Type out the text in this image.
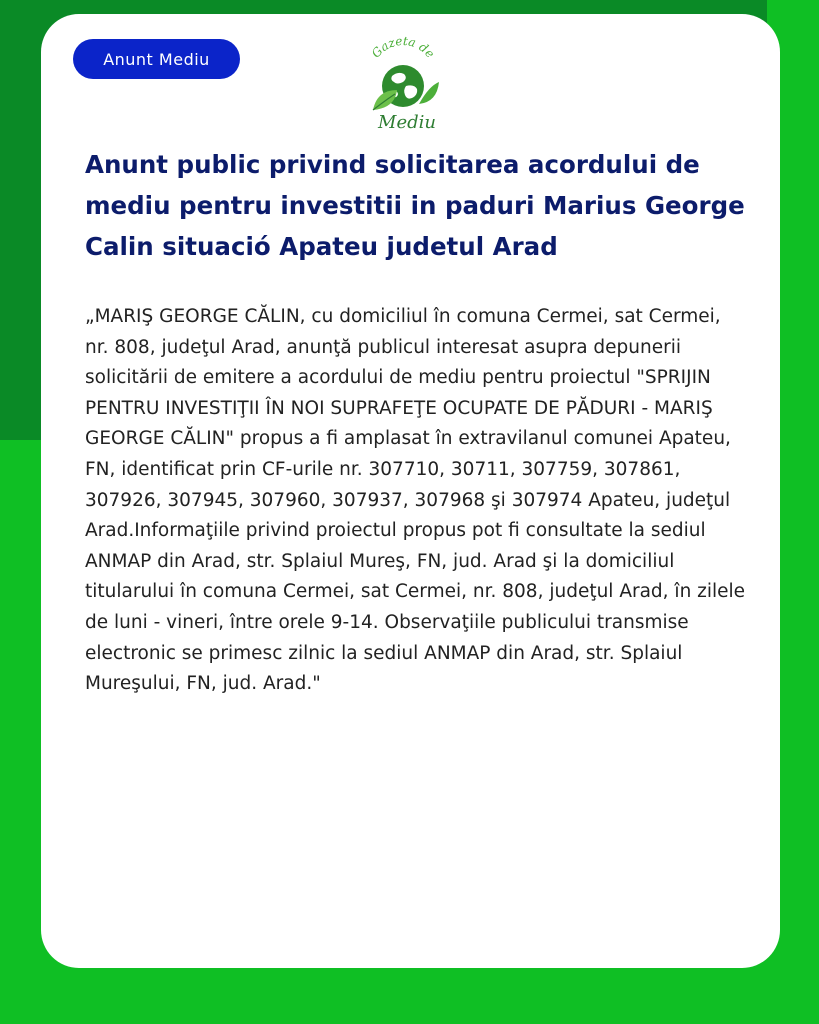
Anunt Mediu	Gazeta de
Mediu
Anunt public privind solicitarea acordului de mediu pentru investitii in paduri Marius George Calin situació Apateu judetul Arad

„MARIŞ GEORGE CĂLIN, cu domiciliul în comuna Cermei, sat Cermei, nr. 808, judeţul Arad, anunţă publicul interesat asupra depunerii solicitării de emitere a acordului de mediu pentru proiectul "SPRIJIN PENTRU INVESTIŢII ÎN NOI SUPRAFEŢE OCUPATE DE PĂDURI - MARIŞ GEORGE CĂLIN" propus a fi amplasat în extravilanul comunei Apateu, FN, identificat prin CF-urile nr. 307710, 30711, 307759, 307861, 307926, 307945, 307960, 307937, 307968 şi 307974 Apateu, judeţul Arad.Informaţiile privind proiectul propus pot fi consultate la sediul ANMAP din Arad, str. Splaiul Mureş, FN, jud. Arad şi la domiciliul titularului în comuna Cermei, sat Cermei, nr. 808, judeţul Arad, în zilele de luni - vineri, între orele 9-14. Observaţiile publicului transmise electronic se primesc zilnic la sediul ANMAP din Arad, str. Splaiul Mureşului, FN, jud. Arad."
